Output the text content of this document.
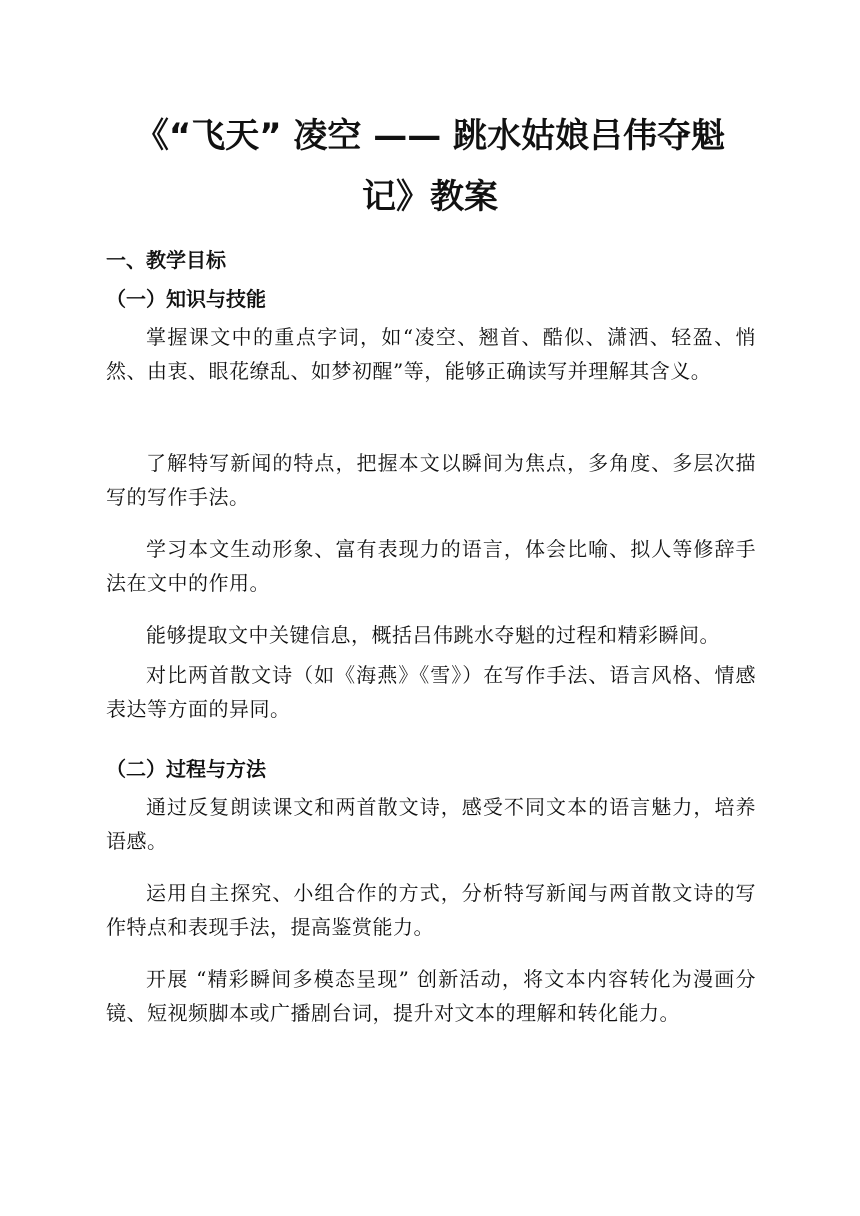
《“飞天” 凌空 —— 跳水姑娘吕伟夺魁
记》教案
一、教学目标
（一）知识与技能

掌握课文中的重点字词，如“凌空、翘首、酷似、潇洒、轻盈、悄然、由衷、眼花缭乱、如梦初醒”等，能够正确读写并理解其含义。

了解特写新闻的特点，把握本文以瞬间为焦点，多角度、多层次描写的写作手法。

学习本文生动形象、富有表现力的语言，体会比喻、拟人等修辞手法在文中的作用。

能够提取文中关键信息，概括吕伟跳水夺魁的过程和精彩瞬间。

对比两首散文诗（如《海燕》《雪》）在写作手法、语言风格、情感表达等方面的异同。

（二）过程与方法

通过反复朗读课文和两首散文诗，感受不同文本的语言魅力，培养语感。

运用自主探究、小组合作的方式，分析特写新闻与两首散文诗的写作特点和表现手法，提高鉴赏能力。

开展 “精彩瞬间多模态呈现” 创新活动，将文本内容转化为漫画分镜、短视频脚本或广播剧台词，提升对文本的理解和转化能力。
